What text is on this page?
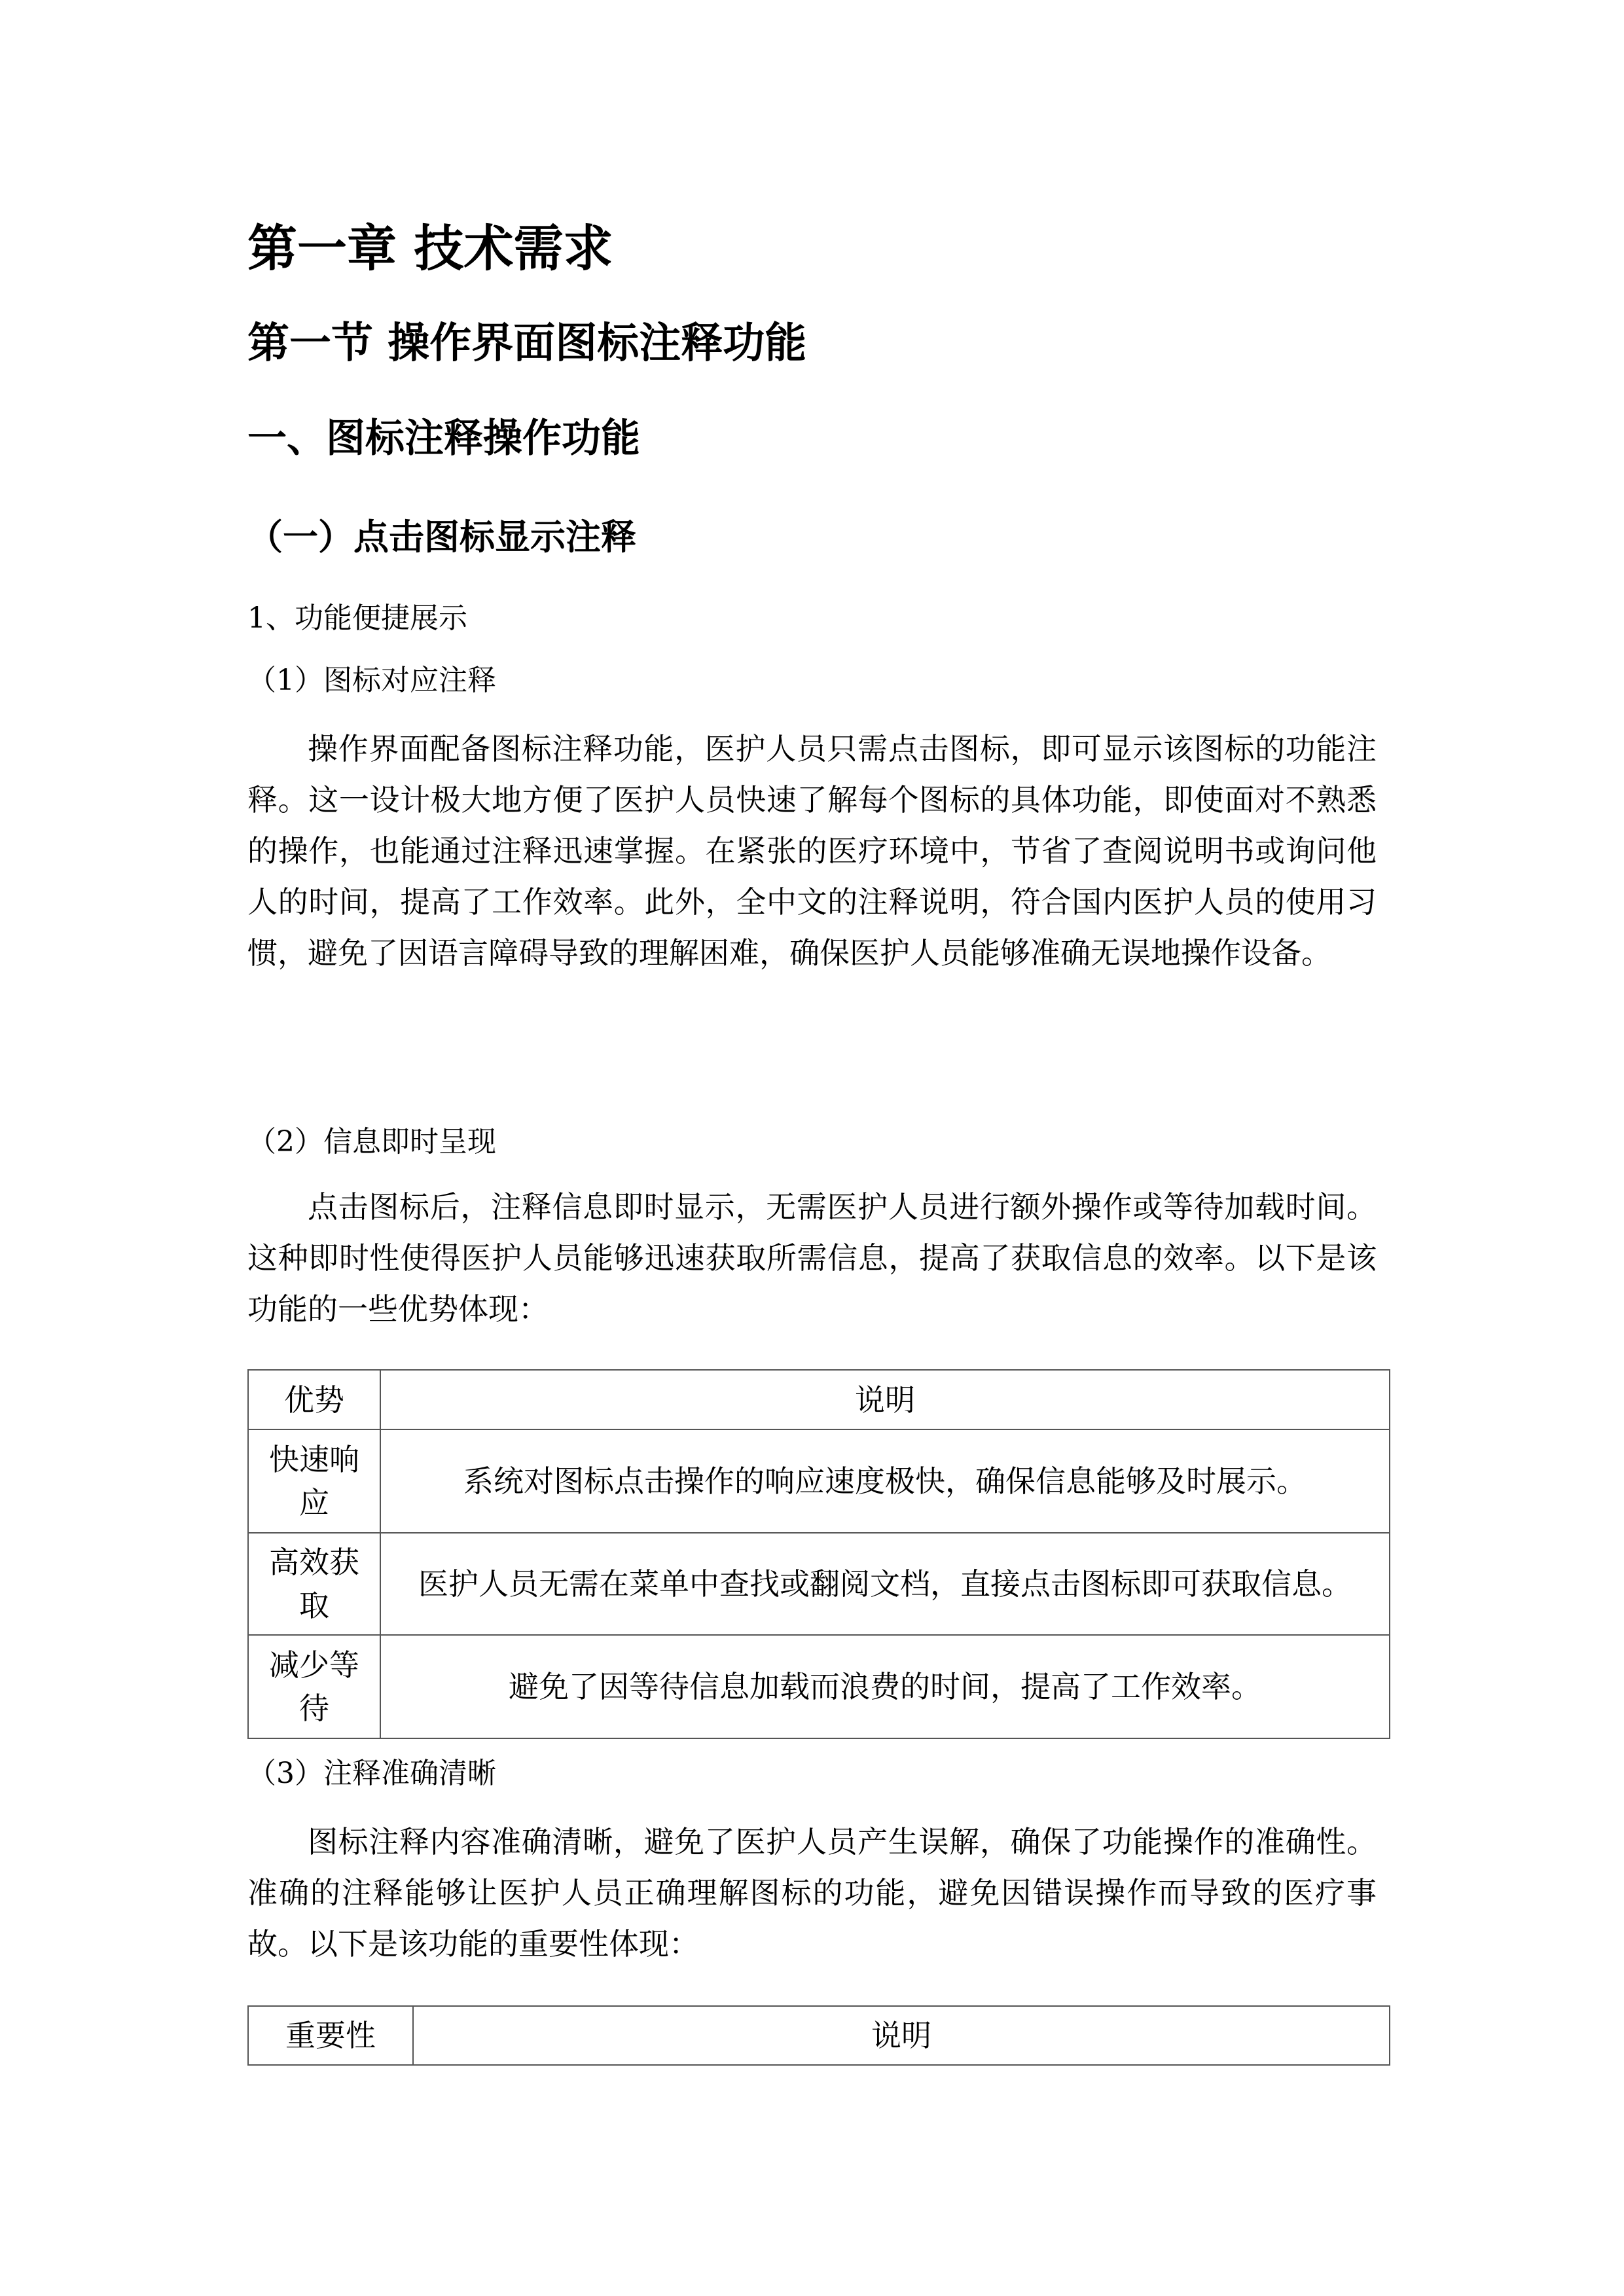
第一章 技术需求
第一节 操作界面图标注释功能
一、图标注释操作功能
（一）点击图标显示注释
1、功能便捷展示
（1）图标对应注释

操作界面配备图标注释功能，医护人员只需点击图标，即可显示该图标的功能注释。这一设计极大地方便了医护人员快速了解每个图标的具体功能，即使面对不熟悉的操作，也能通过注释迅速掌握。在紧张的医疗环境中，节省了查阅说明书或询问他人的时间，提高了工作效率。此外，全中文的注释说明，符合国内医护人员的使用习惯，避免了因语言障碍导致的理解困难，确保医护人员能够准确无误地操作设备。

（2）信息即时呈现

点击图标后，注释信息即时显示，无需医护人员进行额外操作或等待加载时间。这种即时性使得医护人员能够迅速获取所需信息，提高了获取信息的效率。以下是该功能的一些优势体现：

优势	说明
快速响应	系统对图标点击操作的响应速度极快，确保信息能够及时展示。
高效获取	医护人员无需在菜单中查找或翻阅文档，直接点击图标即可获取信息。
减少等待	避免了因等待信息加载而浪费的时间，提高了工作效率。
（3）注释准确清晰

图标注释内容准确清晰，避免了医护人员产生误解，确保了功能操作的准确性。准确的注释能够让医护人员正确理解图标的功能，避免因错误操作而导致的医疗事故。以下是该功能的重要性体现：

重要性	说明
